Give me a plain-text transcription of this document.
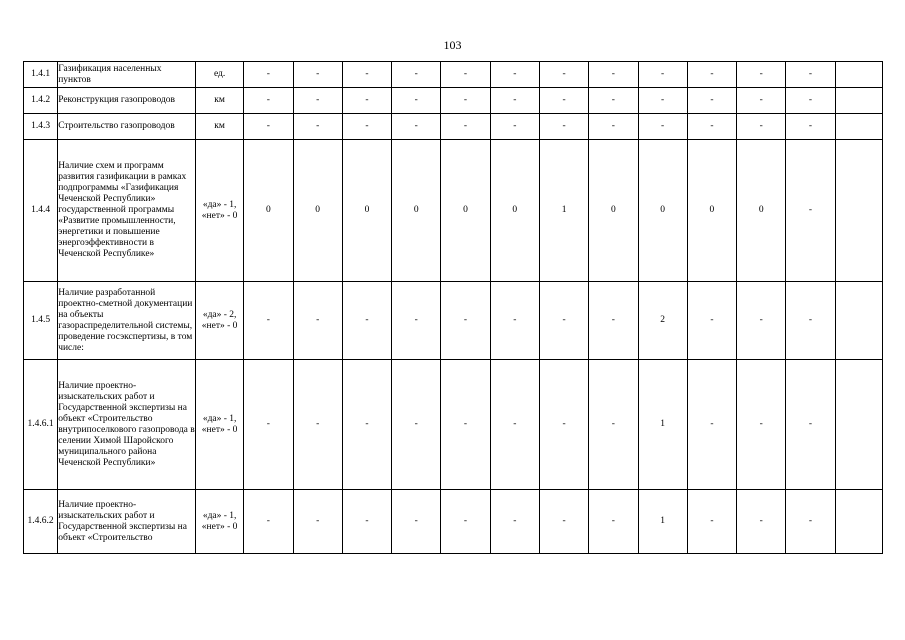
103
1.4.1	Газификация населенных пунктов	ед.	-	-	-	-	-	-	-	-	-	-	-	-	
1.4.2	Реконструкция газопроводов	км	-	-	-	-	-	-	-	-	-	-	-	-	
1.4.3	Строительство газопроводов	км	-	-	-	-	-	-	-	-	-	-	-	-	
1.4.4	Наличие схем и программ развития газификации в рамках подпрограммы «Газификация Чеченской Республики» государственной программы «Развитие промышленности, энергетики и повышение энергоэффективности в Чеченской Республике»	«да» - 1, «нет» - 0	0	0	0	0	0	0	1	0	0	0	0	-	
1.4.5	Наличие разработанной проектно-сметной документации на объекты газораспределительной системы, проведение госэкспертизы, в том числе:	«да» - 2, «нет» - 0	-	-	-	-	-	-	-	-	2	-	-	-	
1.4.6.1	Наличие проектно-изыскательских работ и Государственной экспертизы на объект «Строительство внутрипоселкового газопровода в селении Химой Шаройского муниципального района Чеченской Республики»	«да» - 1, «нет» - 0	-	-	-	-	-	-	-	-	1	-	-	-	
1.4.6.2	Наличие проектно-изыскательских работ и Государственной экспертизы на объект «Строительство	«да» - 1, «нет» - 0	-	-	-	-	-	-	-	-	1	-	-	-	
